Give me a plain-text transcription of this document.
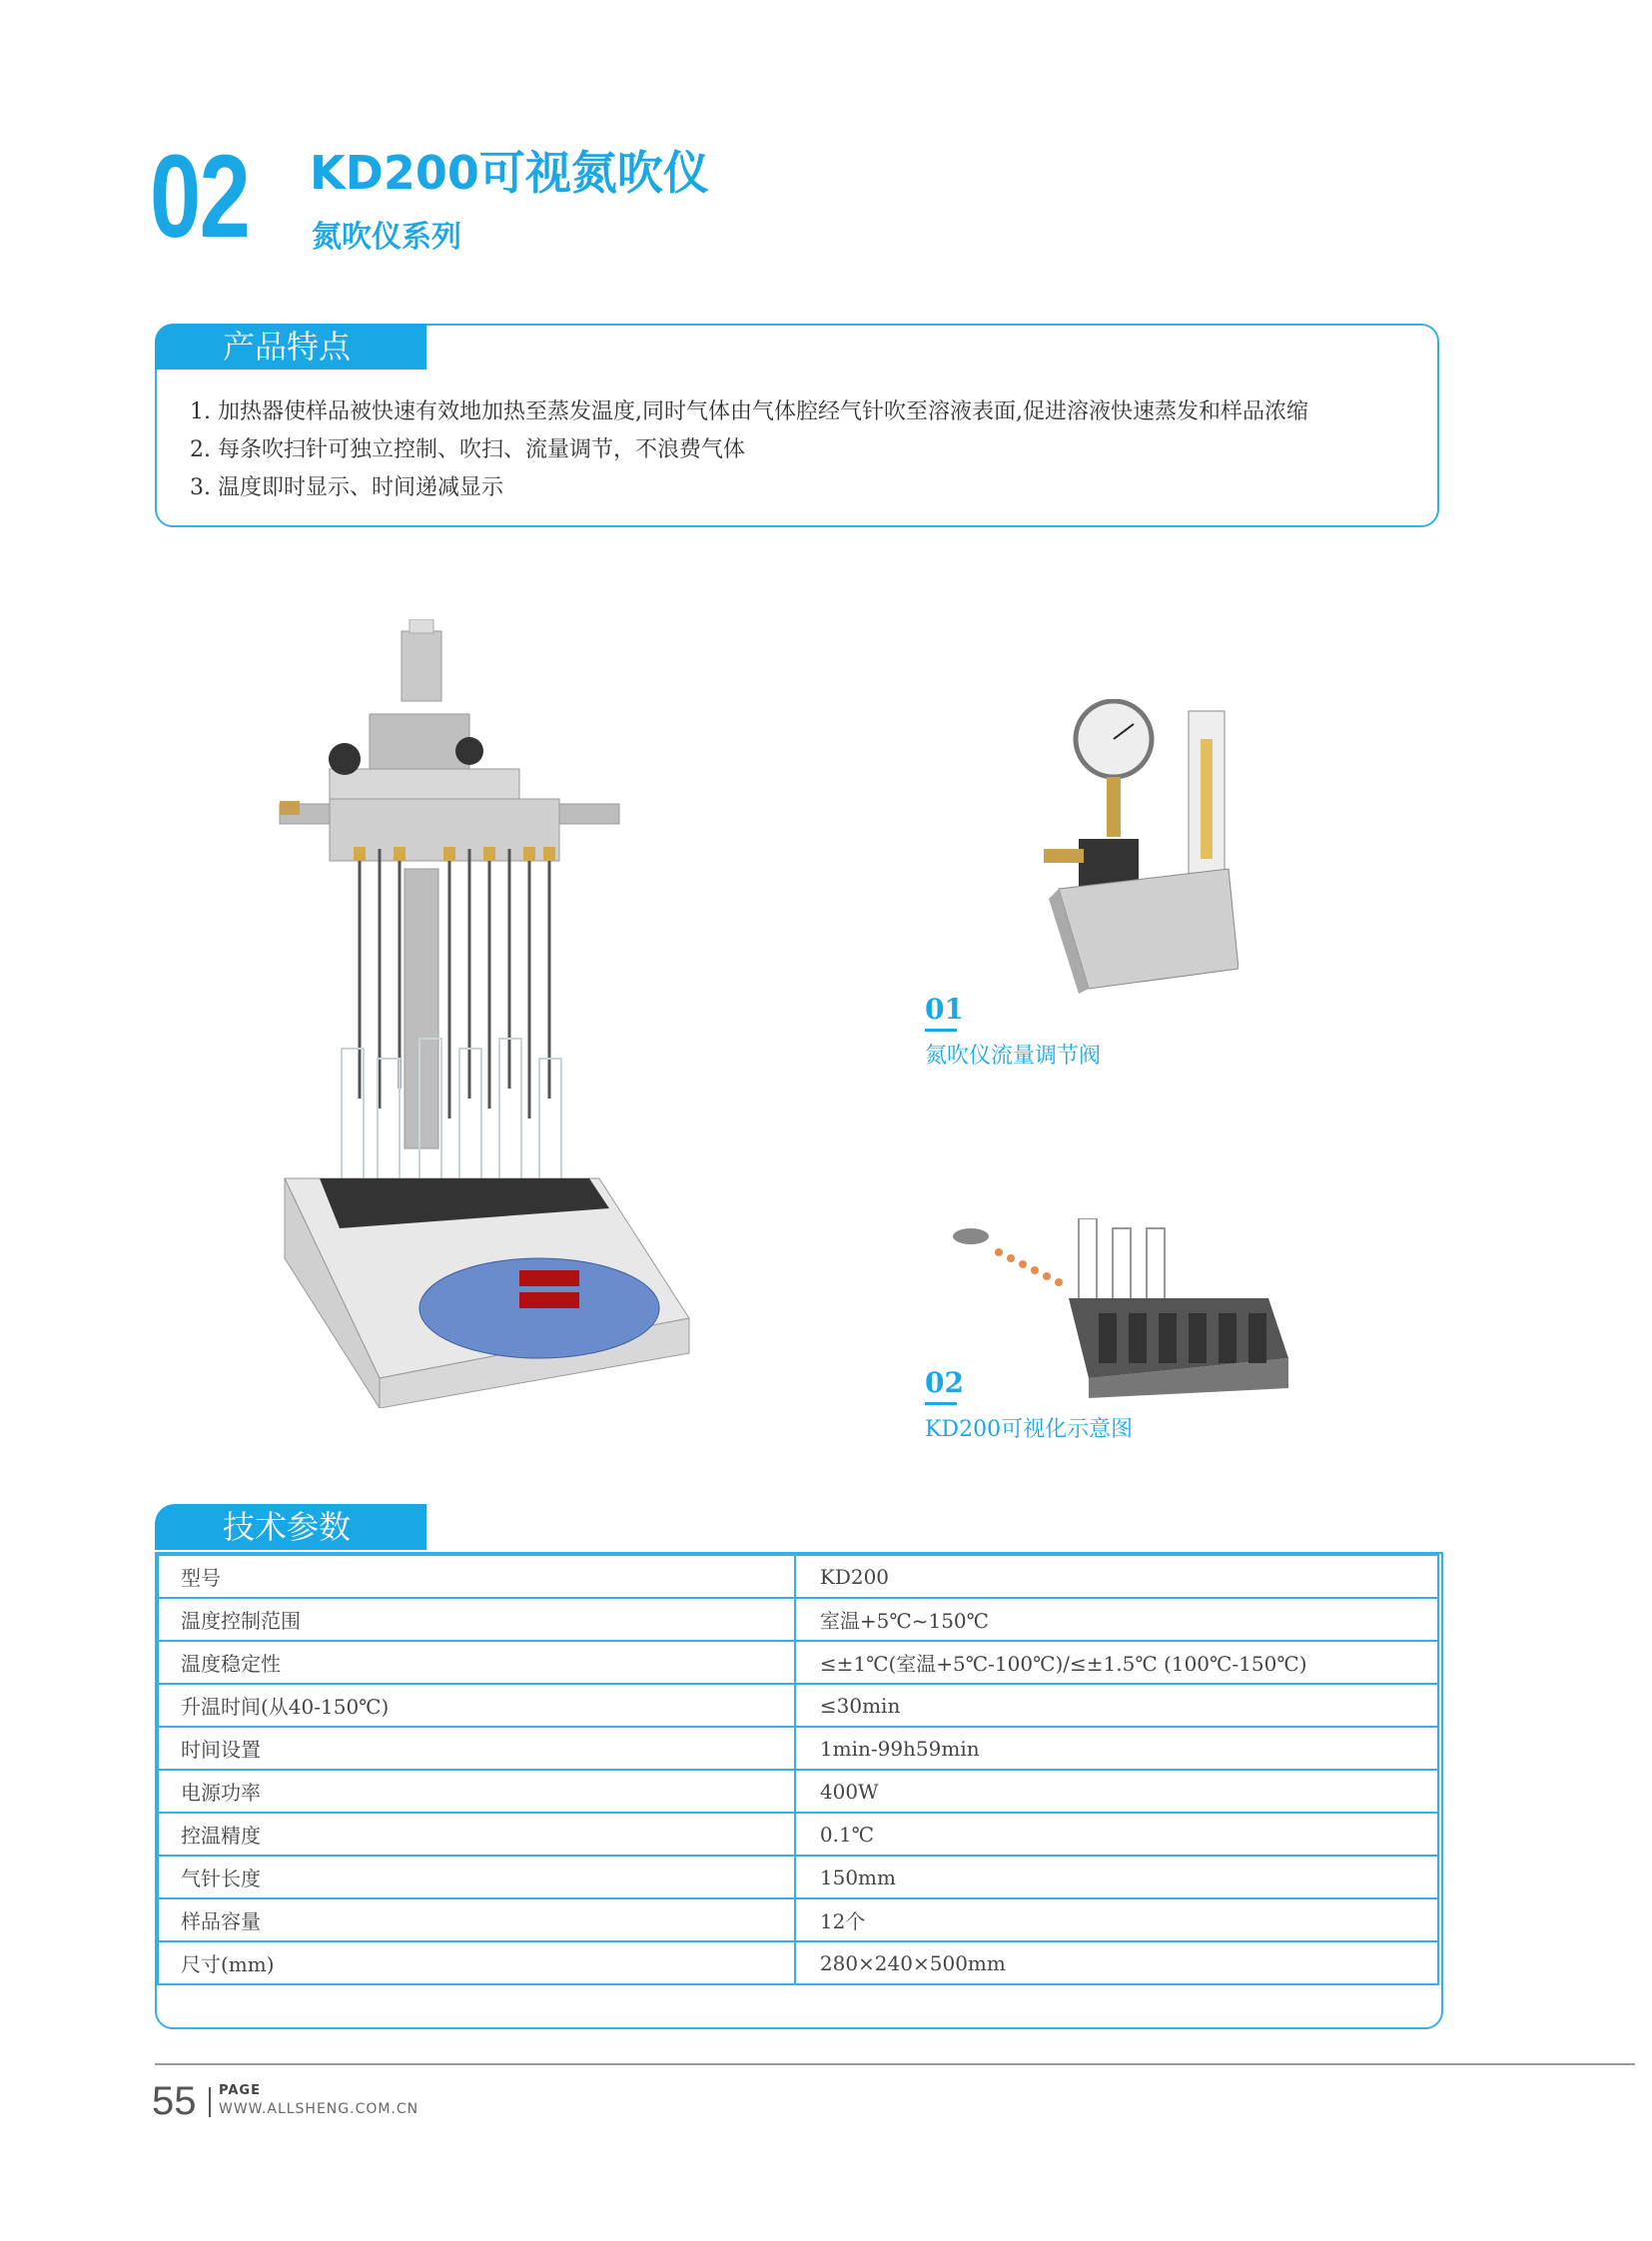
02 KD200可视氮吹仪
氮吹仪系列
产品特点
1. 加热器使样品被快速有效地加热至蒸发温度,同时气体由气体腔经气针吹至溶液表面,促进溶液快速蒸发和样品浓缩
2. 每条吹扫针可独立控制、吹扫、流量调节，不浪费气体
3. 温度即时显示、时间递减显示
01
氮吹仪流量调节阀
02
KD200可视化示意图
技术参数
型号	KD200
温度控制范围	室温+5℃~150℃
温度稳定性	≤±1℃(室温+5℃-100℃)/≤±1.5℃ (100℃-150℃)
升温时间(从40-150℃)	≤30min
时间设置	1min-99h59min
电源功率	400W
控温精度	0.1℃
气针长度	150mm
样品容量	12个
尺寸(mm)	280×240×500mm
55 PAGE
WWW.ALLSHENG.COM.CN
